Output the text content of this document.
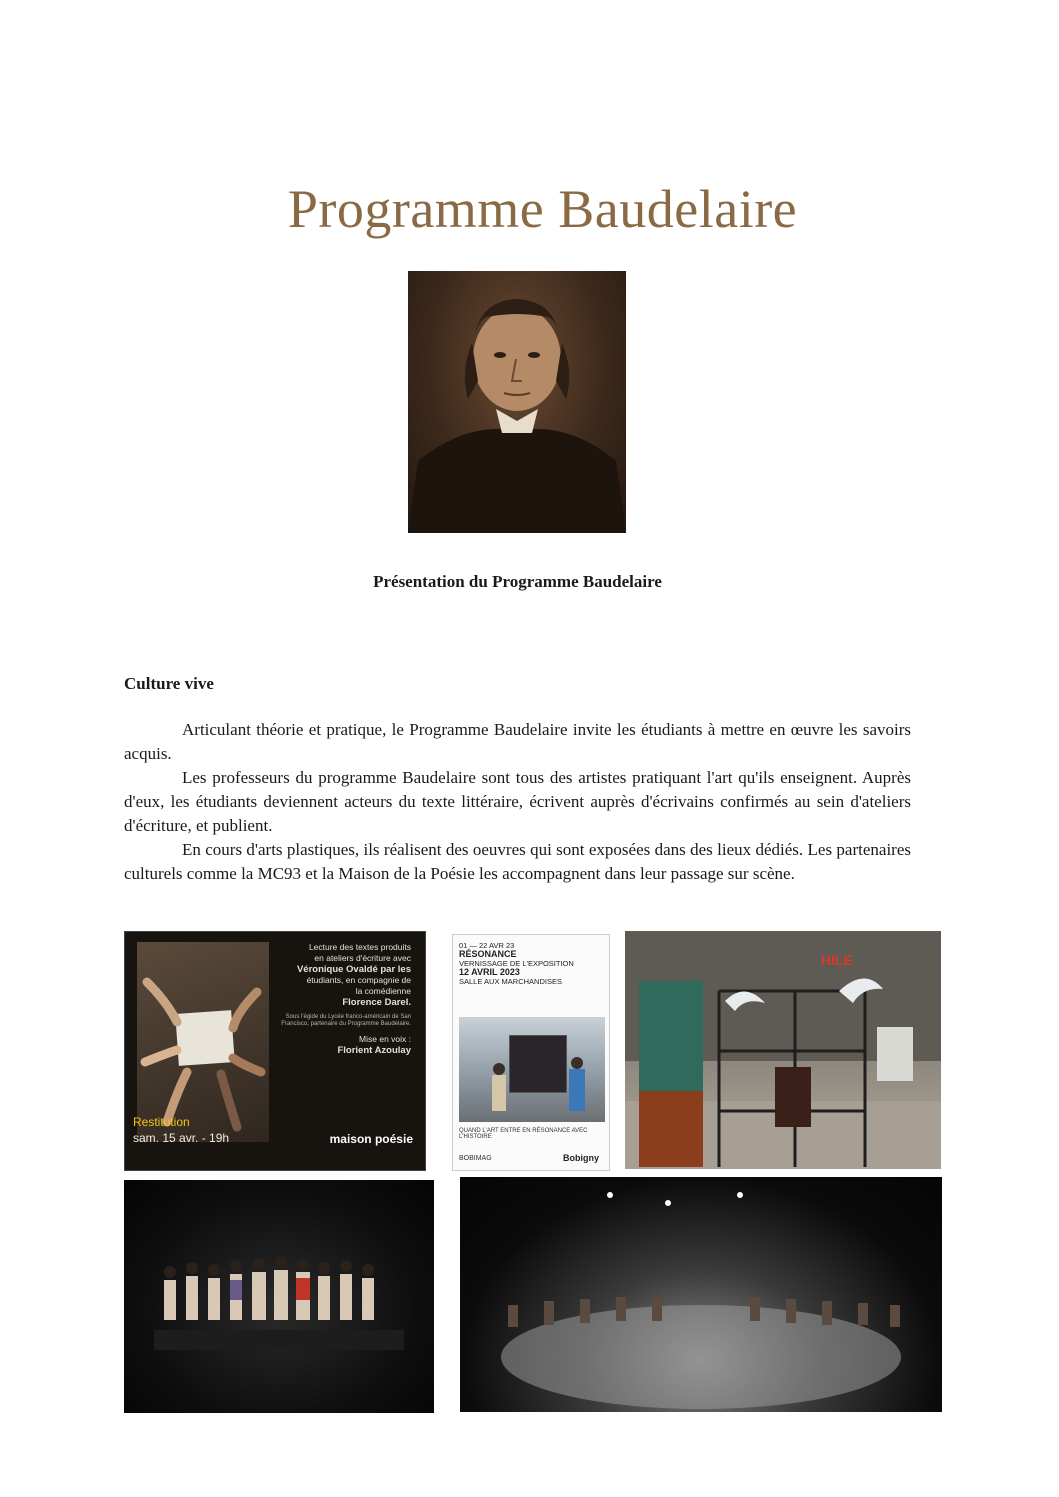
Programme Baudelaire
Présentation du Programme Baudelaire
Culture vive

Articulant théorie et pratique, le Programme Baudelaire invite les étudiants à mettre en œuvre les savoirs acquis.

Les professeurs du programme Baudelaire sont tous des artistes pratiquant l'art qu'ils enseignent. Auprès d'eux, les étudiants deviennent acteurs du texte littéraire, écrivent auprès d'écrivains confirmés au sein d'ateliers d'écriture, et publient.

En cours d'arts plastiques, ils réalisent des oeuvres qui sont exposées dans des lieux dédiés. Les partenaires culturels comme la MC93 et la Maison de la Poésie les accompagnent dans leur passage sur scène.

Lecture des textes produits
en ateliers d'écriture avec
Véronique Ovaldé par les
étudiants, en compagnie de
la comédienne
Florence Darel.
Sous l'égide du Lycée franco-américain de San Francisco, partenaire du Programme Baudelaire.
Mise en voix :
Florient Azoulay
Restitution
sam. 15 avr. - 19h	maison poésie
01 — 22 AVR 23
RÉSONANCE
VERNISSAGE DE L'EXPOSITION
12 AVRIL 2023
SALLE AUX MARCHANDISES
QUAND L'ART ENTRE EN RÉSONANCE AVEC L'HISTOIRE
BOBIMAG	Bobigny
HILE
